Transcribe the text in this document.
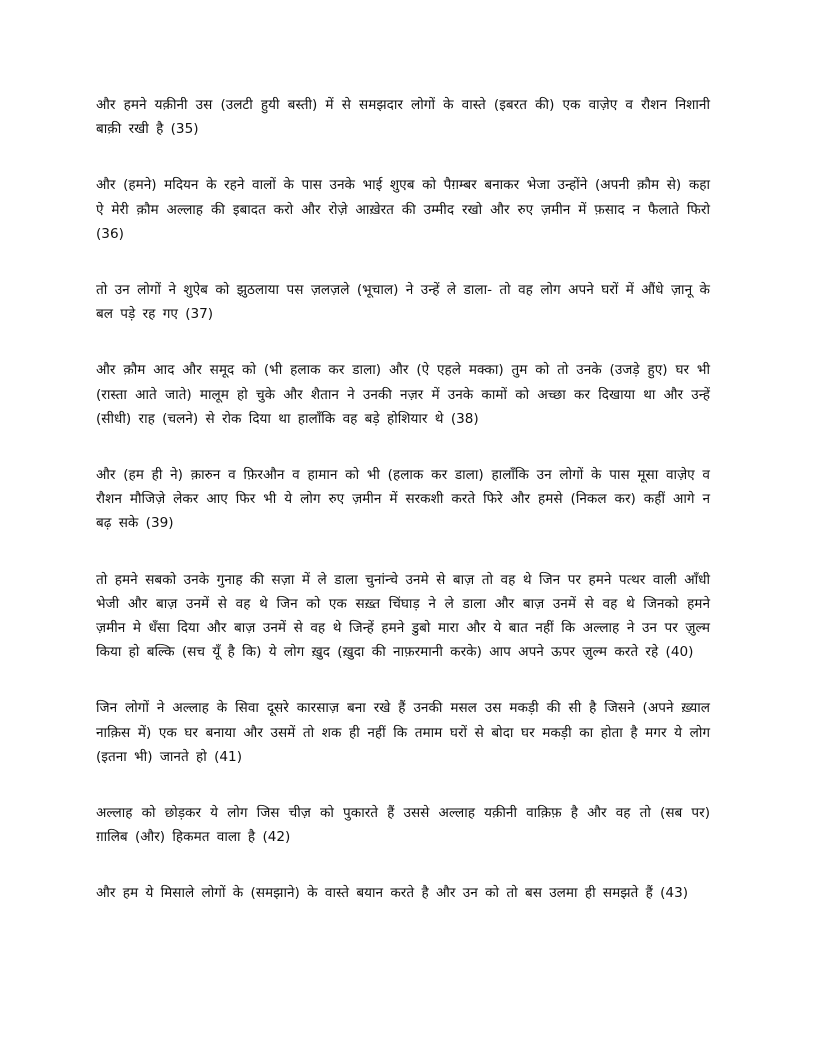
और हमने यक़ीनी उस (उलटी हुयी बस्ती) में से समझदार लोगों के वास्ते (इबरत की) एक वाज़ेए व रौशन निशानी बाक़ी रखी है (35)

और (हमने) मदियन के रहने वालों के पास उनके भाई शुएब को पैग़म्बर बनाकर भेजा उन्होंने (अपनी क़ौम से) कहा ऐ मेरी क़ौम अल्लाह की इबादत करो और रोज़े आख़ेरत की उम्मीद रखो और रुए ज़मीन में फ़साद न फैलाते फिरो (36)

तो उन लोगों ने शुऐब को झुठलाया पस ज़लज़ले (भूचाल) ने उन्हें ले डाला- तो वह लोग अपने घरों में औंधे ज़ानू के बल पड़े रह गए (37)

और क़ौम आद और समूद को (भी हलाक कर डाला) और (ऐ एहले मक्का) तुम को तो उनके (उजड़े हुए) घर भी (रास्ता आते जाते) मालूम हो चुके और शैतान ने उनकी नज़र में उनके कामों को अच्छा कर दिखाया था और उन्हें (सीधी) राह (चलने) से रोक दिया था हालाँकि वह बड़े होशियार थे (38)

और (हम ही ने) क़ारुन व फ़िरऔन व हामान को भी (हलाक कर डाला) हालाँकि उन लोगों के पास मूसा वाज़ेए व रौशन मौजिज़े लेकर आए फिर भी ये लोग रुए ज़मीन में सरकशी करते फिरे और हमसे (निकल कर) कहीं आगे न बढ़ सके (39)

तो हमने सबको उनके गुनाह की सज़ा में ले डाला चुनांन्चे उनमे से बाज़ तो वह थे जिन पर हमने पत्थर वाली आँधी भेजी और बाज़ उनमें से वह थे जिन को एक सख़्त चिंघाड़ ने ले डाला और बाज़ उनमें से वह थे जिनको हमने ज़मीन मे धँसा दिया और बाज़ उनमें से वह थे जिन्हें हमने डुबो मारा और ये बात नहीं कि अल्लाह ने उन पर ज़ुल्म किया हो बल्कि (सच यूँ है कि) ये लोग ख़ुद (ख़ुदा की नाफ़रमानी करके) आप अपने ऊपर ज़ुल्म करते रहे (40)

जिन लोगों ने अल्लाह के सिवा दूसरे कारसाज़ बना रखे हैं उनकी मसल उस मकड़ी की सी है जिसने (अपने ख़्याल नाक़िस में) एक घर बनाया और उसमें तो शक ही नहीं कि तमाम घरों से बोदा घर मकड़ी का होता है मगर ये लोग (इतना भी) जानते हो (41)

अल्लाह को छोड़कर ये लोग जिस चीज़ को पुकारते हैं उससे अल्लाह यक़ीनी वाक़िफ़ है और वह तो (सब पर) ग़ालिब (और) हिकमत वाला है (42)

और हम ये मिसाले लोगों के (समझाने) के वास्ते बयान करते है और उन को तो बस उलमा ही समझते हैं (43)
